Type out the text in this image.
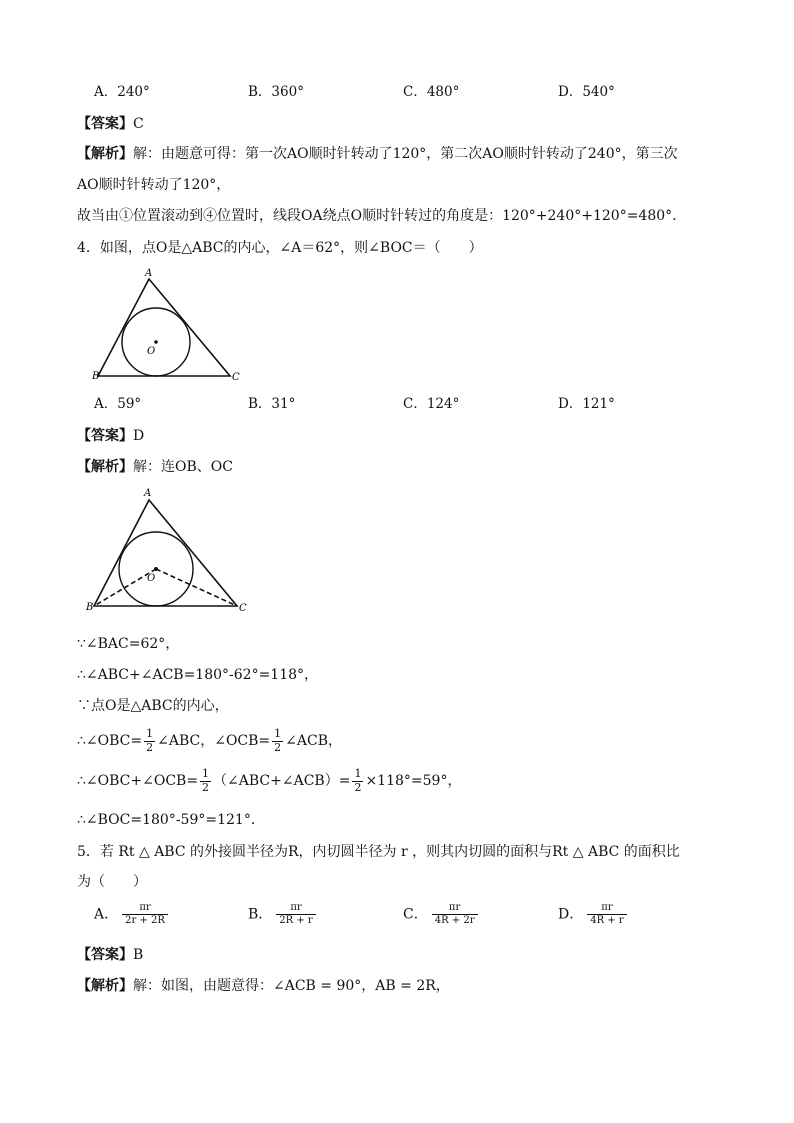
A．240°	B．360°	C．480°	D．540°
【答案】C
【解析】解：由题意可得：第一次AO顺时针转动了120°，第二次AO顺时针转动了240°，第三次
AO顺时针转动了120°，
故当由①位置滚动到④位置时，线段OA绕点O顺时针转过的角度是：120°+240°+120°=480°．
4．如图，点O是△ABC的内心，∠A＝62°，则∠BOC＝（　　）
A
B	C
O
A．59°	B．31°	C．124°	D．121°
【答案】D
【解析】解：连OB、OC
A
B	C
O
∵∠BAC=62°，
∴∠ABC+∠ACB=180°-62°=118°，
∵点O是△ABC的内心，
∴∠OBC= $\frac{1}{2}$ ∠ABC，∠OCB= $\frac{1}{2}$ ∠ACB，
∴∠OBC+∠OCB= $\frac{1}{2}$ （∠ABC+∠ACB）= $\frac{1}{2} \times 118^\circ=59^\circ$，
∴∠BOC=180°-59°=121°．
5．若 Rt △ ABC 的外接圆半径为R，内切圆半径为 r ，则其内切圆的面积与Rt △ ABC 的面积比
为（　　）
A． $\frac{\pi r}{2r + 2R}$	B． $\frac{\pi r}{2R + r}$	C． $\frac{\pi r}{4R + 2r}$	D． $\frac{\pi r}{4R + r}$
【答案】B
【解析】解：如图，由题意得：∠ACB = 90°，AB = 2R，
